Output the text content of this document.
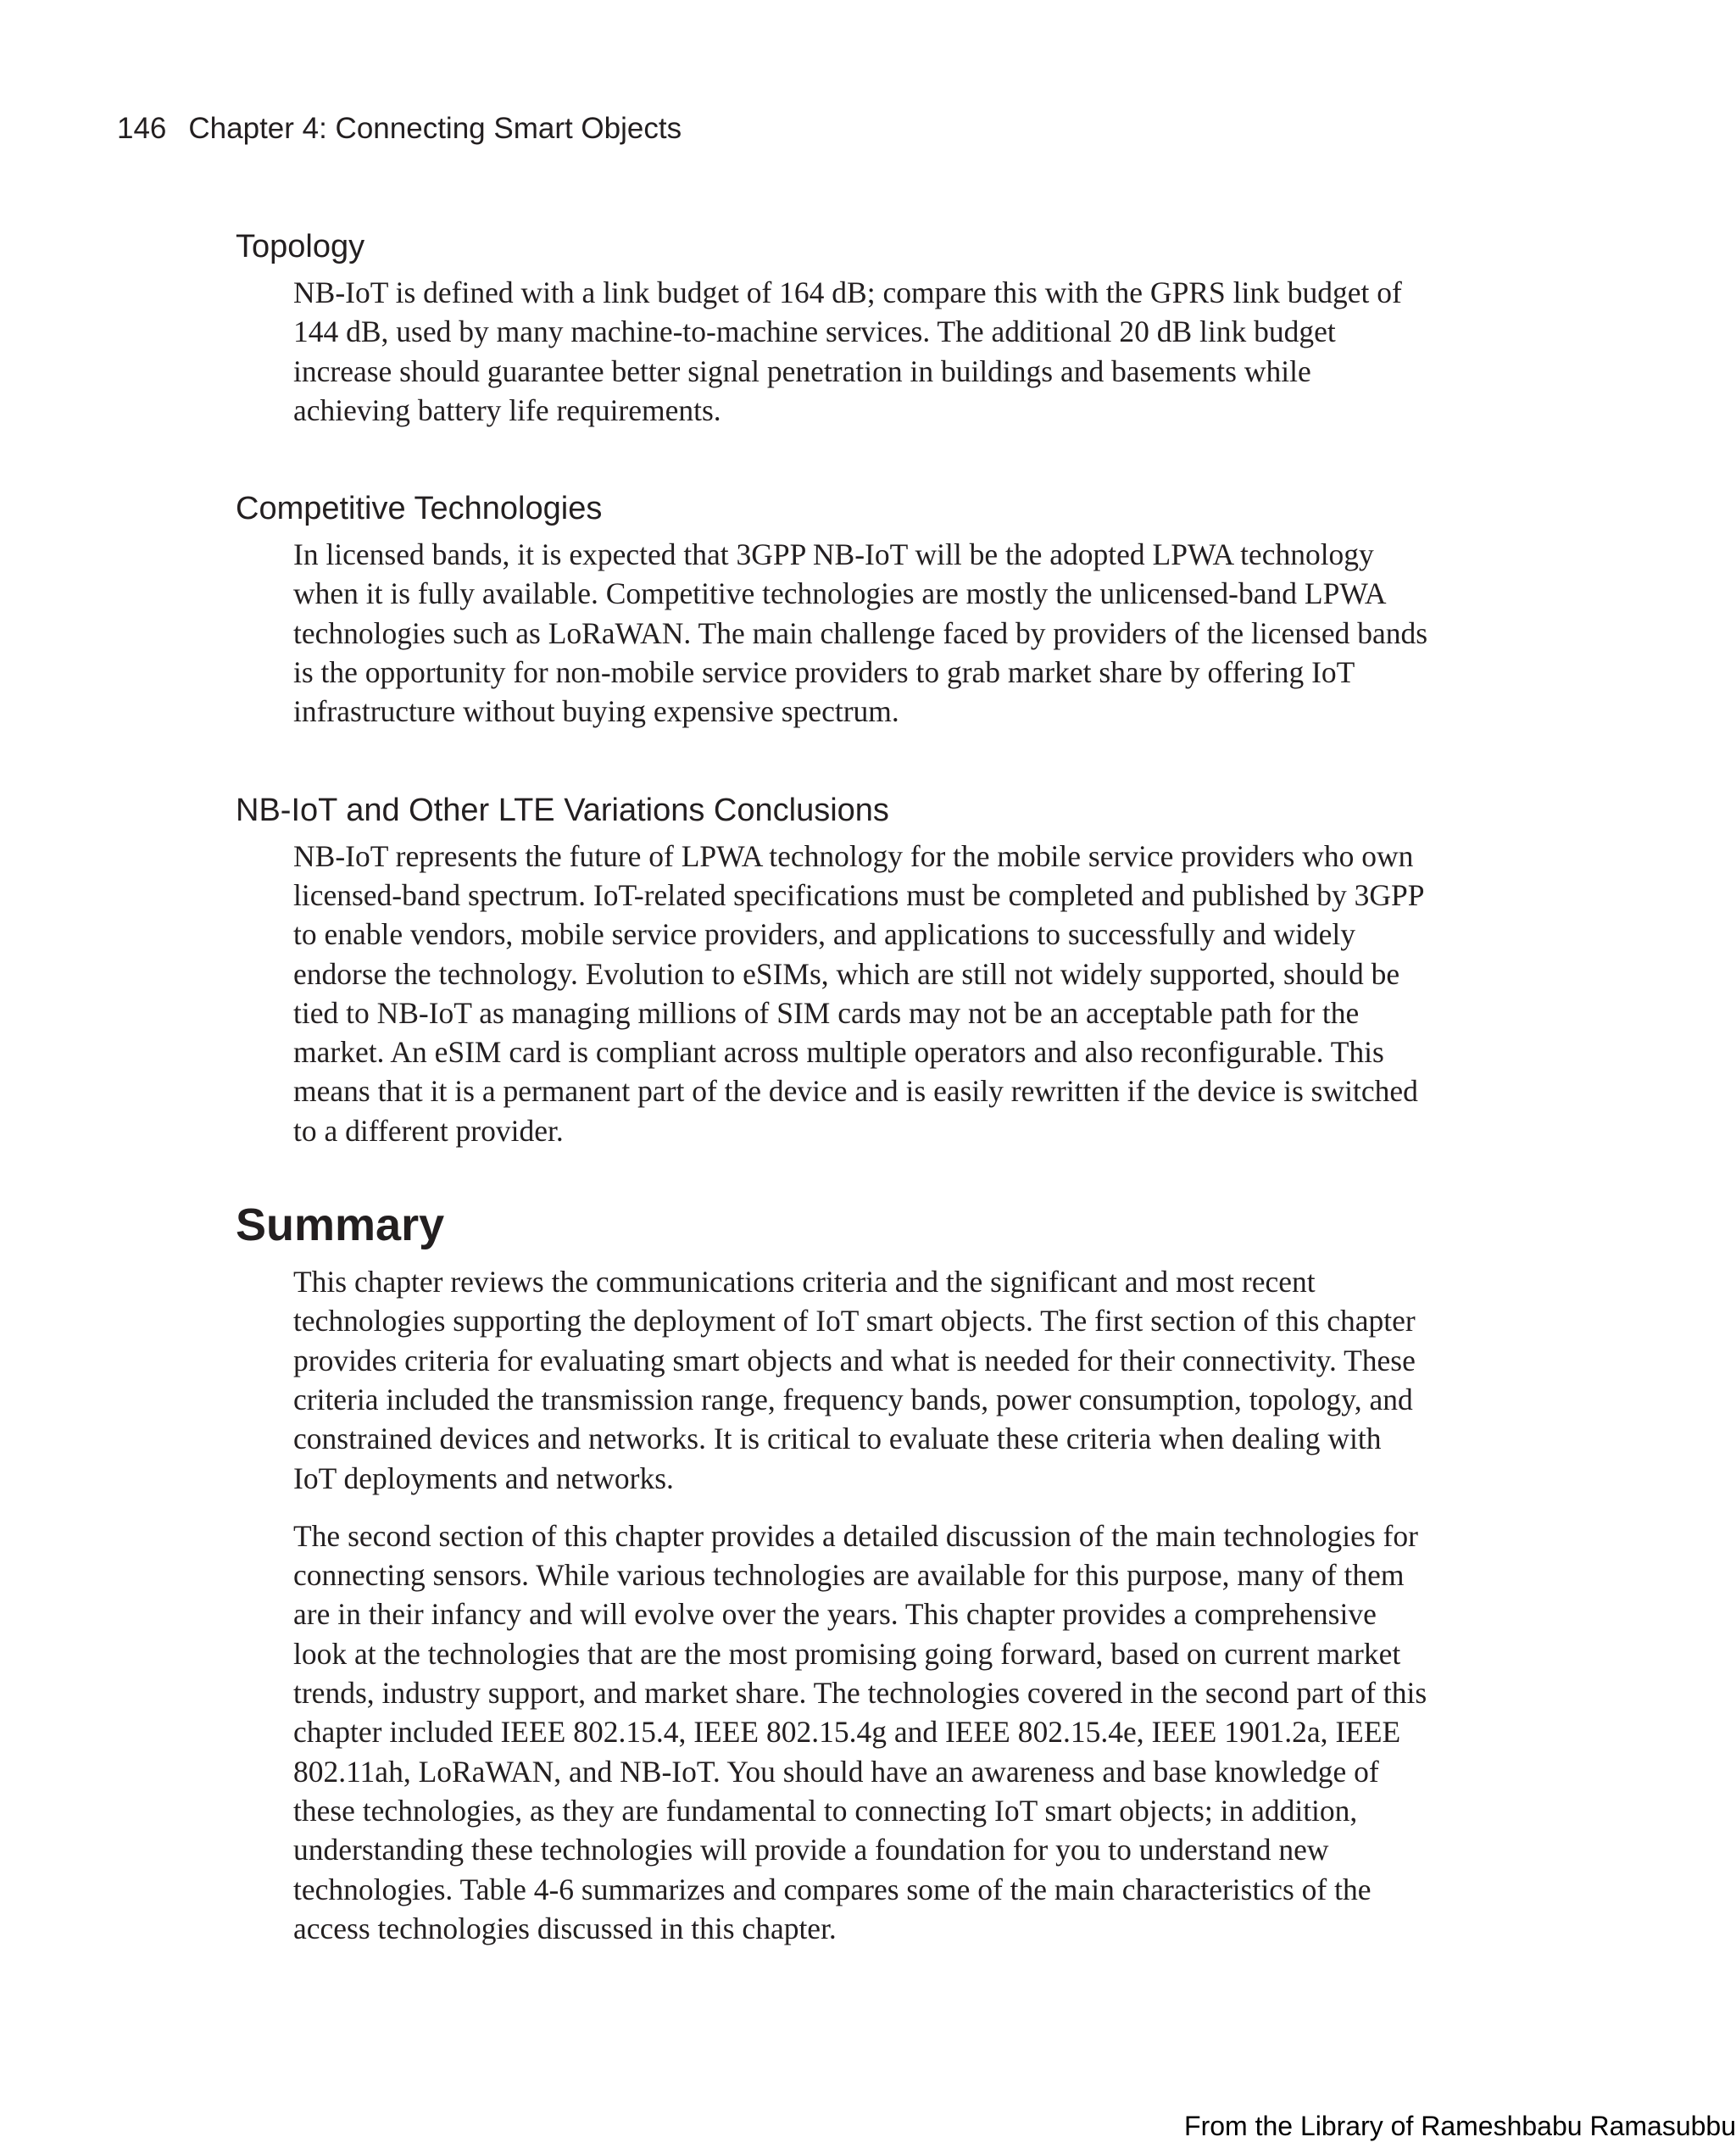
146 Chapter 4: Connecting Smart Objects
Topology

NB-IoT is defined with a link budget of 164 dB; compare this with the GPRS link budget of 144 dB, used by many machine-to-machine services. The additional 20 dB link budget increase should guarantee better signal penetration in buildings and basements while achieving battery life requirements.

Competitive Technologies

In licensed bands, it is expected that 3GPP NB-IoT will be the adopted LPWA technology when it is fully available. Competitive technologies are mostly the unlicensed-band LPWA technologies such as LoRaWAN. The main challenge faced by providers of the licensed bands is the opportunity for non-mobile service providers to grab market share by offering IoT infrastructure without buying expensive spectrum.

NB-IoT and Other LTE Variations Conclusions

NB-IoT represents the future of LPWA technology for the mobile service providers who own licensed-band spectrum. IoT-related specifications must be completed and published by 3GPP to enable vendors, mobile service providers, and applications to successfully and widely endorse the technology. Evolution to eSIMs, which are still not widely supported, should be tied to NB-IoT as managing millions of SIM cards may not be an acceptable path for the market. An eSIM card is compliant across multiple operators and also reconfigurable. This means that it is a permanent part of the device and is easily rewritten if the device is switched to a different provider.

Summary

This chapter reviews the communications criteria and the significant and most recent technologies supporting the deployment of IoT smart objects. The first section of this chapter provides criteria for evaluating smart objects and what is needed for their connectivity. These criteria included the transmission range, frequency bands, power consumption, topology, and constrained devices and networks. It is critical to evaluate these criteria when dealing with IoT deployments and networks.

The second section of this chapter provides a detailed discussion of the main technologies for connecting sensors. While various technologies are available for this purpose, many of them are in their infancy and will evolve over the years. This chapter provides a comprehensive look at the technologies that are the most promising going forward, based on current market trends, industry support, and market share. The technologies covered in the second part of this chapter included IEEE 802.15.4, IEEE 802.15.4g and IEEE 802.15.4e, IEEE 1901.2a, IEEE 802.11ah, LoRaWAN, and NB-IoT. You should have an awareness and base knowledge of these technologies, as they are fundamental to connecting IoT smart objects; in addition, understanding these technologies will provide a foundation for you to understand new technologies. Table 4-6 summarizes and compares some of the main characteristics of the access technologies discussed in this chapter.

From the Library of Rameshbabu Ramasubbu
